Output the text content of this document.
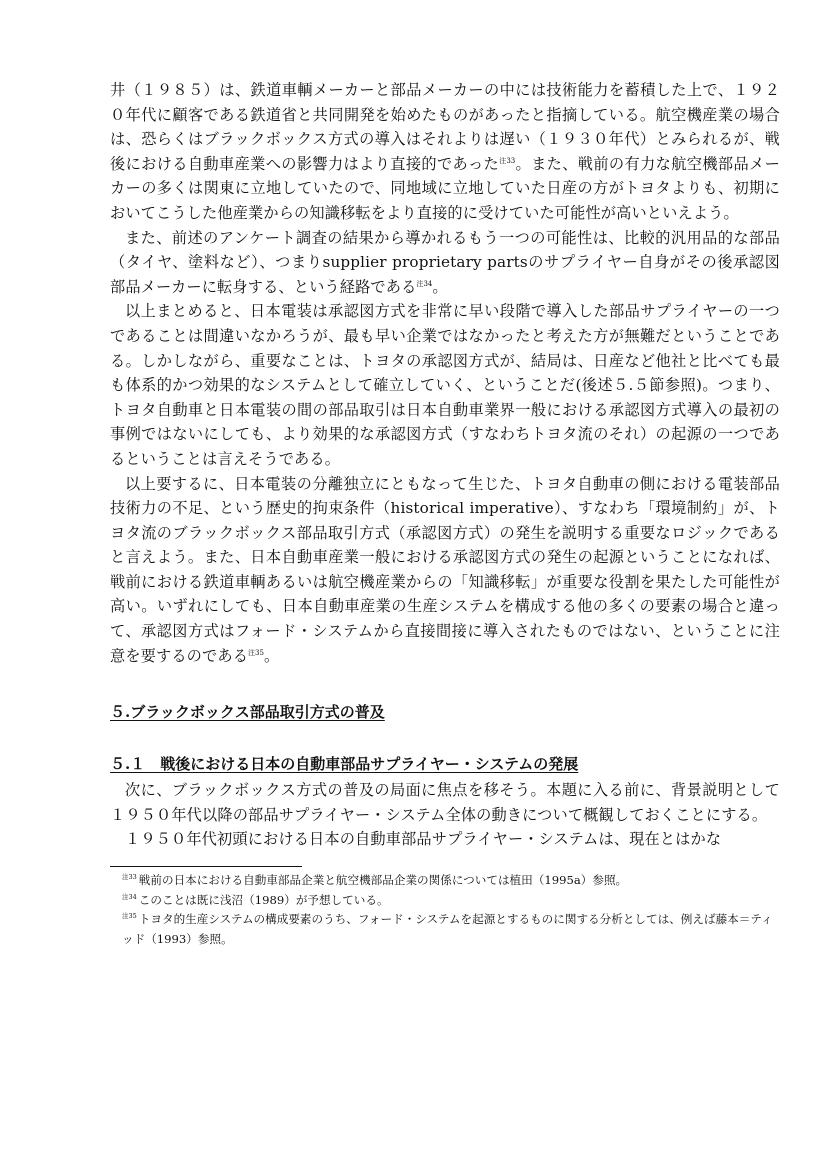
井（１９８５）は、鉄道車輌メーカーと部品メーカーの中には技術能力を蓄積した上で、１９２０年代に顧客である鉄道省と共同開発を始めたものがあったと指摘している。航空機産業の場合は、恐らくはブラックボックス方式の導入はそれよりは遅い（１９３０年代）とみられるが、戦後における自動車産業への影響力はより直接的であった$^{注33}$。また、戦前の有力な航空機部品メーカーの多くは関東に立地していたので、同地域に立地していた日産の方がトヨタよりも、初期においてこうした他産業からの知識移転をより直接的に受けていた可能性が高いといえよう。

また、前述のアンケート調査の結果から導かれるもう一つの可能性は、比較的汎用品的な部品（タイヤ、塗料など）、つまりsupplier proprietary partsのサプライヤー自身がその後承認図部品メーカーに転身する、という経路である$^{注34}$。

以上まとめると、日本電装は承認図方式を非常に早い段階で導入した部品サプライヤーの一つであることは間違いなかろうが、最も早い企業ではなかったと考えた方が無難だということである。しかしながら、重要なことは、トヨタの承認図方式が、結局は、日産など他社と比べても最も体系的かつ効果的なシステムとして確立していく、ということだ(後述５.５節参照)。つまり、トヨタ自動車と日本電装の間の部品取引は日本自動車業界一般における承認図方式導入の最初の事例ではないにしても、より効果的な承認図方式（すなわちトヨタ流のそれ）の起源の一つであるということは言えそうである。

以上要するに、日本電装の分離独立にともなって生じた、トヨタ自動車の側における電装部品技術力の不足、という歴史的拘束条件（historical imperative）、すなわち「環境制約」が、トヨタ流のブラックボックス部品取引方式（承認図方式）の発生を説明する重要なロジックであると言えよう。また、日本自動車産業一般における承認図方式の発生の起源ということになれば、戦前における鉄道車輌あるいは航空機産業からの「知識移転」が重要な役割を果たした可能性が高い。いずれにしても、日本自動車産業の生産システムを構成する他の多くの要素の場合と違って、承認図方式はフォード・システムから直接間接に導入されたものではない、ということに注意を要するのである$^{注35}$。

５.ブラックボックス部品取引方式の普及
５.１　戦後における日本の自動車部品サプライヤー・システムの発展

次に、ブラックボックス方式の普及の局面に焦点を移そう。本題に入る前に、背景説明として１９５０年代以降の部品サプライヤー・システム全体の動きについて概観しておくことにする。

１９５０年代初頭における日本の自動車部品サプライヤー・システムは、現在とはかな

$^{注33}$ 戦前の日本における自動車部品企業と航空機部品企業の関係については植田（1995a）参照。

$^{注34}$ このことは既に浅沼（1989）が予想している。

$^{注35}$ トヨタ的生産システムの構成要素のうち、フォード・システムを起源とするものに関する分析としては、例えば藤本＝ティッド（1993）参照。
